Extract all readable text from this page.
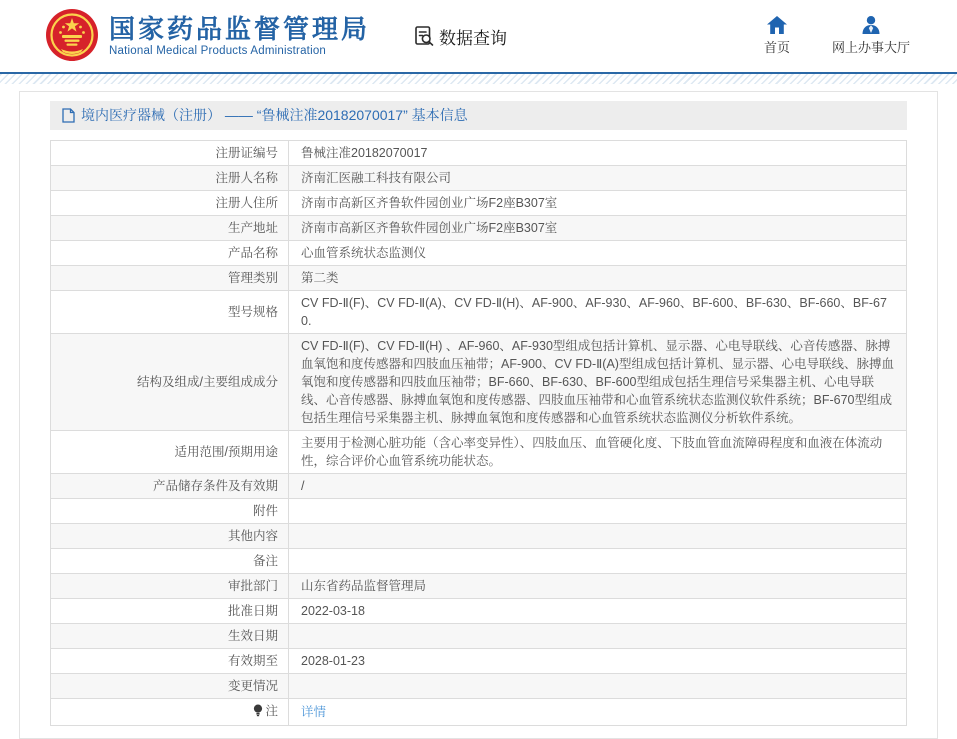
国家药品监督管理局
National Medical Products Administration
数据查询	首页	网上办事大厅
境内医疗器械（注册） —— “鲁械注准20182070017” 基本信息
注册证编号	鲁械注准20182070017
注册人名称	济南汇医融工科技有限公司
注册人住所	济南市高新区齐鲁软件园创业广场F2座B307室
生产地址	济南市高新区齐鲁软件园创业广场F2座B307室
产品名称	心血管系统状态监测仪
管理类别	第二类
型号规格	CV FD-Ⅱ(F)、CV FD-Ⅱ(A)、CV FD-Ⅱ(H)、AF-900、AF-930、AF-960、BF-600、BF-630、BF-660、BF-670.
结构及组成/主要组成成分	CV FD-Ⅱ(F)、CV FD-Ⅱ(H) 、AF-960、AF-930型组成包括计算机、显示器、心电导联线、心音传感器、脉搏血氧饱和度传感器和四肢血压袖带；AF-900、CV FD-Ⅱ(A)型组成包括计算机、显示器、心电导联线、脉搏血氧饱和度传感器和四肢血压袖带；BF-660、BF-630、BF-600型组成包括生理信号采集器主机、心电导联线、心音传感器、脉搏血氧饱和度传感器、四肢血压袖带和心血管系统状态监测仪软件系统；BF-670型组成包括生理信号采集器主机、脉搏血氧饱和度传感器和心血管系统状态监测仪分析软件系统。
适用范围/预期用途	主要用于检测心脏功能（含心率变异性）、四肢血压、血管硬化度、下肢血管血流障碍程度和血液在体流动性，综合评价心血管系统功能状态。
产品储存条件及有效期	/
附件	
其他内容	
备注	
审批部门	山东省药品监督管理局
批准日期	2022-03-18
生效日期	
有效期至	2028-01-23
变更情况	
注	详情
